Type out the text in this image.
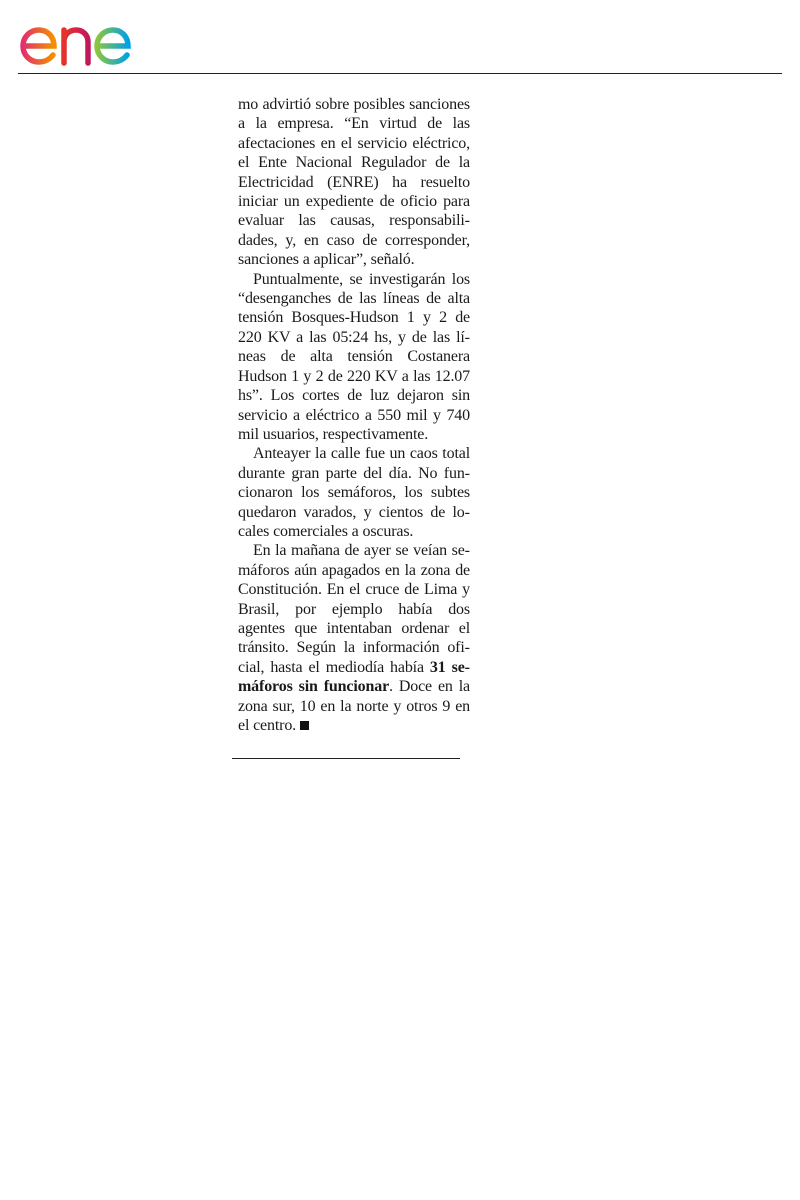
mo advirtió sobre posibles sanciones a la empresa. “En virtud de las afectaciones en el servicio eléctrico, el Ente Nacional Regulador de la Electricidad (ENRE) ha resuelto iniciar un expediente de oficio para evaluar las causas, responsabilidades, y, en caso de corresponder, sanciones a aplicar”, señaló.

Puntualmente, se investigarán los “desenganches de las líneas de alta tensión Bosques-Hudson 1 y 2 de 220 KV a las 05:24 hs, y de las líneas de alta tensión Costanera Hudson 1 y 2 de 220 KV a las 12.07 hs”. Los cortes de luz dejaron sin servicio a eléctrico a 550 mil y 740 mil usuarios, respectivamente.

Anteayer la calle fue un caos total durante gran parte del día. No funcionaron los semáforos, los subtes quedaron varados, y cientos de locales comerciales a oscuras.

En la mañana de ayer se veían semáforos aún apagados en la zona de Constitución. En el cruce de Lima y Brasil, por ejemplo había dos agentes que intentaban ordenar el tránsito. Según la información oficial, hasta el mediodía había 31 semáforos sin funcionar. Doce en la zona sur, 10 en la norte y otros 9 en el centro.
